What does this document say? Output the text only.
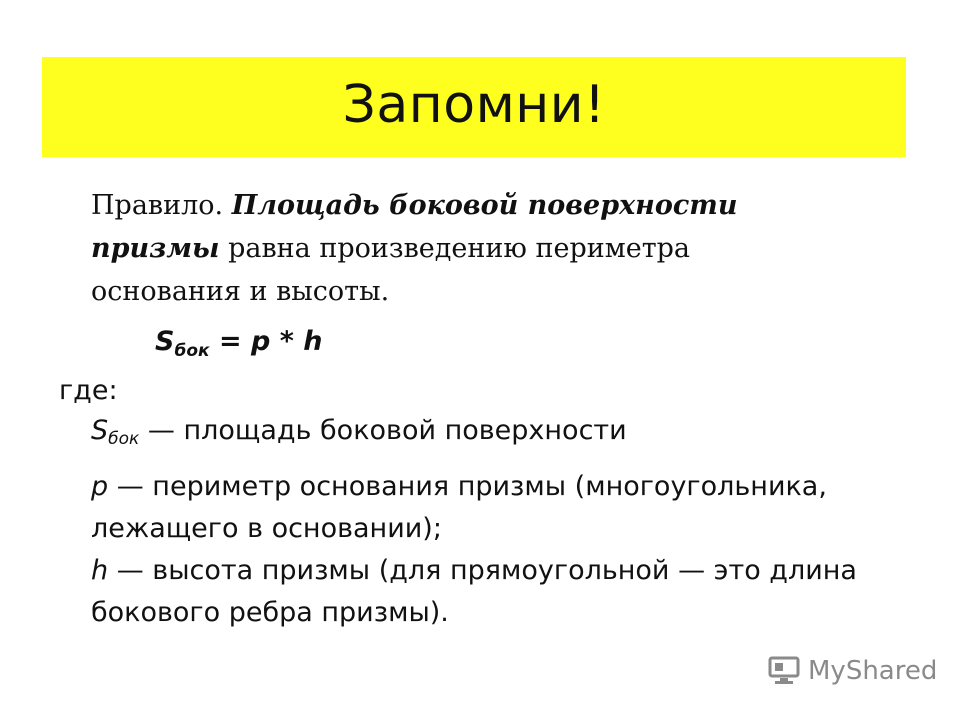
Запомни!
Правило. Площадь боковой поверхности призмы равна произведению периметра основания и высоты.
$S_{бок} = p * h$
где:

$S_{бок}$ — площадь боковой поверхности

p — периметр основания призмы (многоугольника, лежащего в основании);

h — высота призмы (для прямоугольной — это длина бокового ребра призмы).

MyShared
